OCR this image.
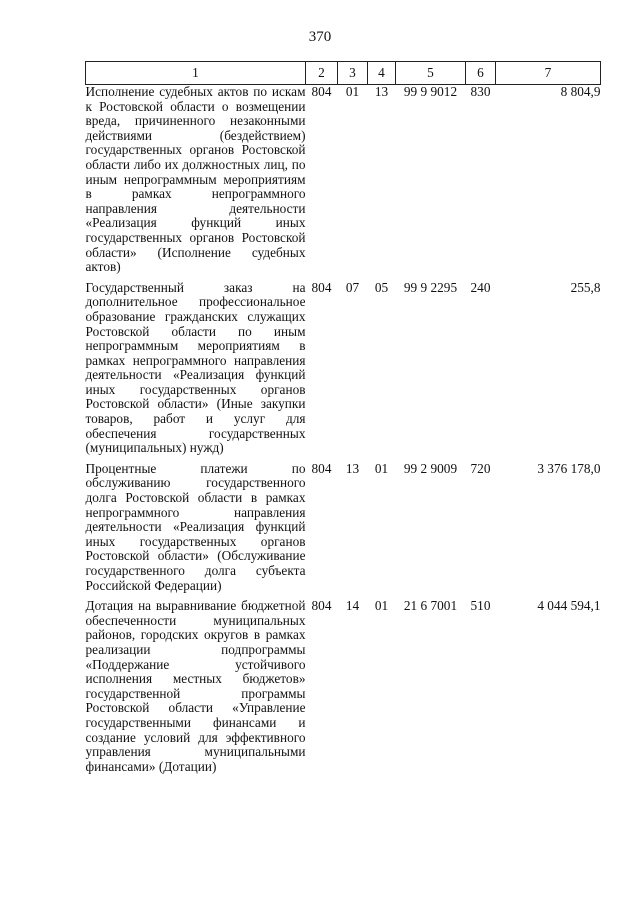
370
1	2	3	4	5	6	7
Исполнение судебных актов по искам к Ростовской области о возмещении вреда, причиненного незаконными действиями (бездействием) государственных органов Ростовской области либо их должностных лиц, по иным непрограммным мероприятиям в рамках непрограммного направления деятельности «Реализация функций иных государственных органов Ростовской области» (Исполнение судебных актов)	804	01	13	99 9 9012	830	8 804,9
Государственный заказ на дополнительное профессиональное образование гражданских служащих Ростовской области по иным непрограммным мероприятиям в рамках непрограммного направления деятельности «Реализация функций иных государственных органов Ростовской области» (Иные закупки товаров, работ и услуг для обеспечения государственных (муниципальных) нужд)	804	07	05	99 9 2295	240	255,8
Процентные платежи по обслуживанию государственного долга Ростовской области в рамках непрограммного направления деятельности «Реализация функций иных государственных органов Ростовской области» (Обслуживание государственного долга субъекта Российской Федерации)	804	13	01	99 2 9009	720	3 376 178,0
Дотация на выравнивание бюджетной обеспеченности муниципальных районов, городских округов в рамках реализации подпрограммы «Поддержание устойчивого исполнения местных бюджетов» государственной программы Ростовской области «Управление государственными финансами и создание условий для эффективного управления муниципальными финансами» (Дотации)	804	14	01	21 6 7001	510	4 044 594,1
